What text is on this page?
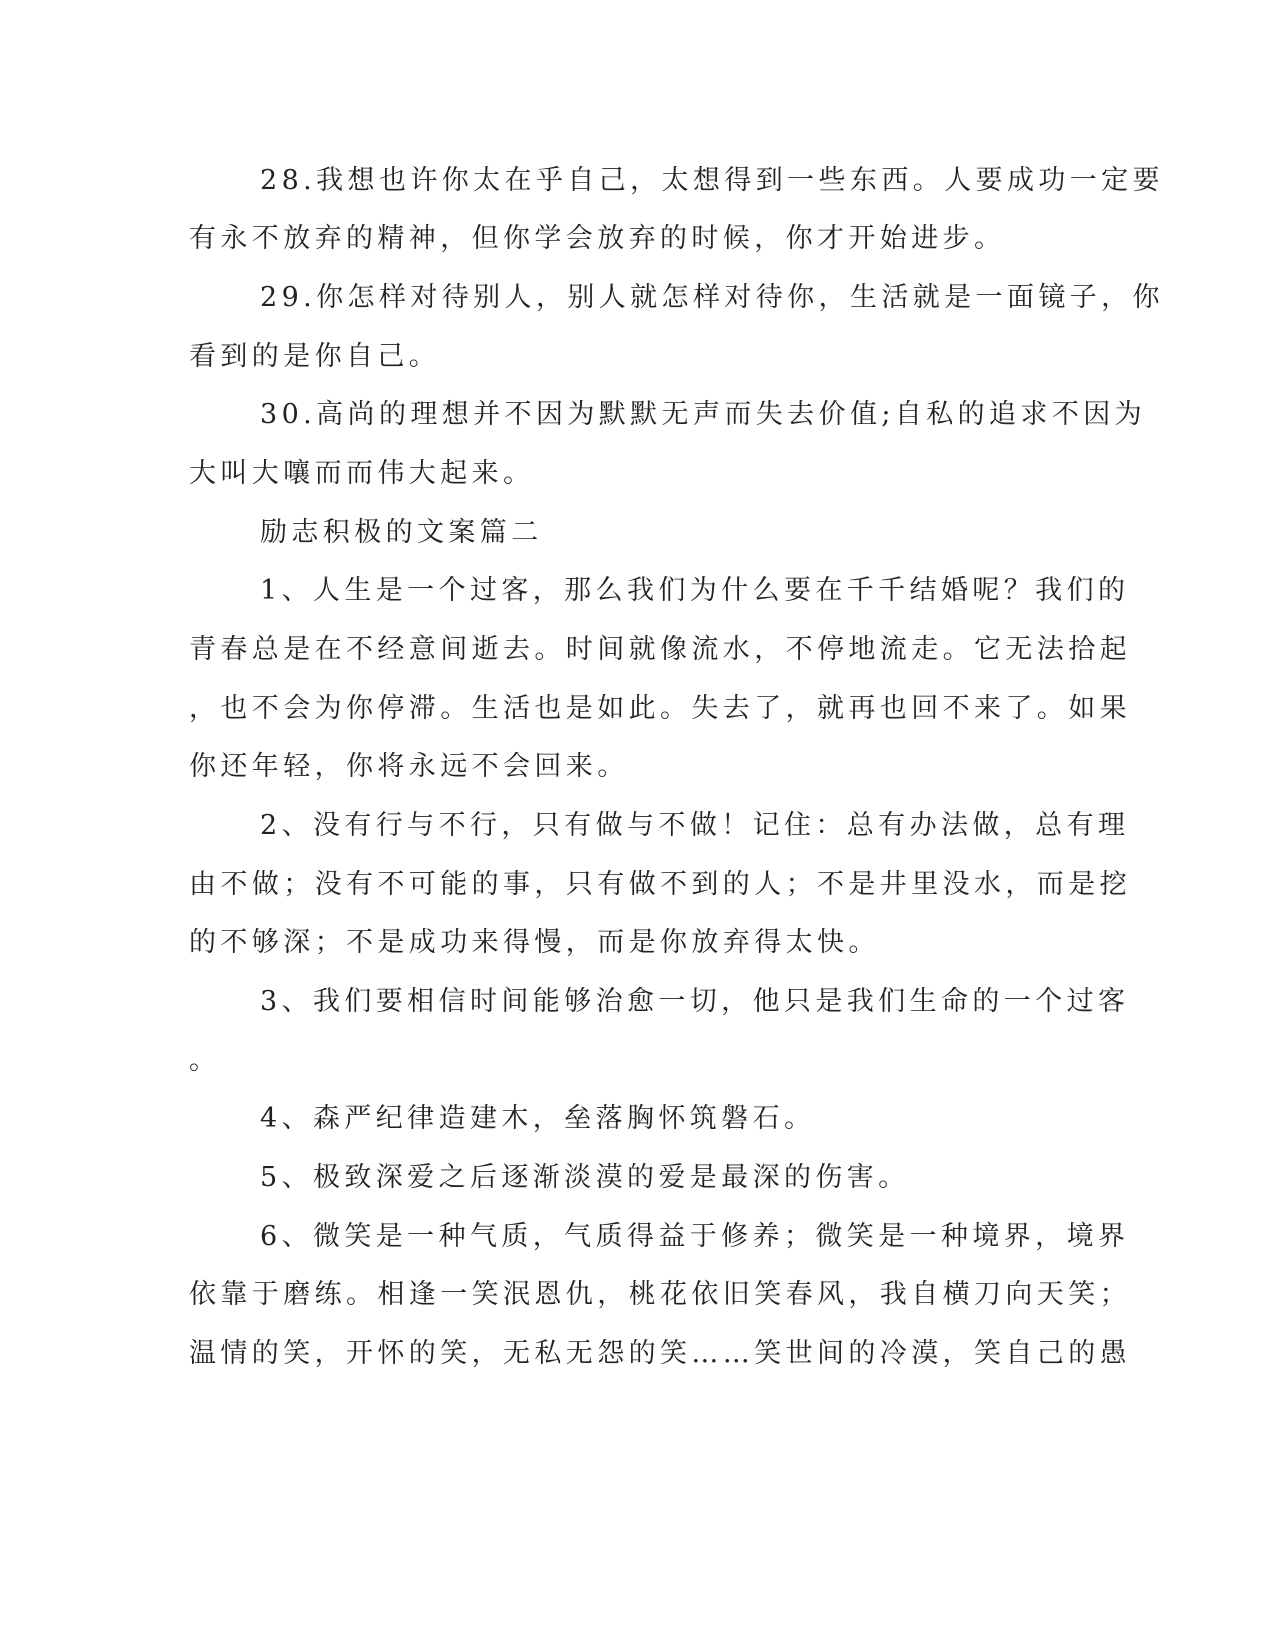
28.我想也许你太在乎自己，太想得到一些东西。人要成功一定要
有永不放弃的精神，但你学会放弃的时候，你才开始进步。
29.你怎样对待别人，别人就怎样对待你，生活就是一面镜子，你
看到的是你自己。
30.高尚的理想并不因为默默无声而失去价值;自私的追求不因为
大叫大嚷而而伟大起来。
励志积极的文案篇二
1、人生是一个过客，那么我们为什么要在千千结婚呢？我们的
青春总是在不经意间逝去。时间就像流水，不停地流走。它无法拾起
，也不会为你停滞。生活也是如此。失去了，就再也回不来了。如果
你还年轻，你将永远不会回来。
2、没有行与不行，只有做与不做！记住：总有办法做，总有理
由不做；没有不可能的事，只有做不到的人；不是井里没水，而是挖
的不够深；不是成功来得慢，而是你放弃得太快。
3、我们要相信时间能够治愈一切，他只是我们生命的一个过客
。
4、森严纪律造建木，垒落胸怀筑磐石。
5、极致深爱之后逐渐淡漠的爱是最深的伤害。
6、微笑是一种气质，气质得益于修养；微笑是一种境界，境界
依靠于磨练。相逢一笑泯恩仇，桃花依旧笑春风，我自横刀向天笑；
温情的笑，开怀的笑，无私无怨的笑……笑世间的冷漠，笑自己的愚
